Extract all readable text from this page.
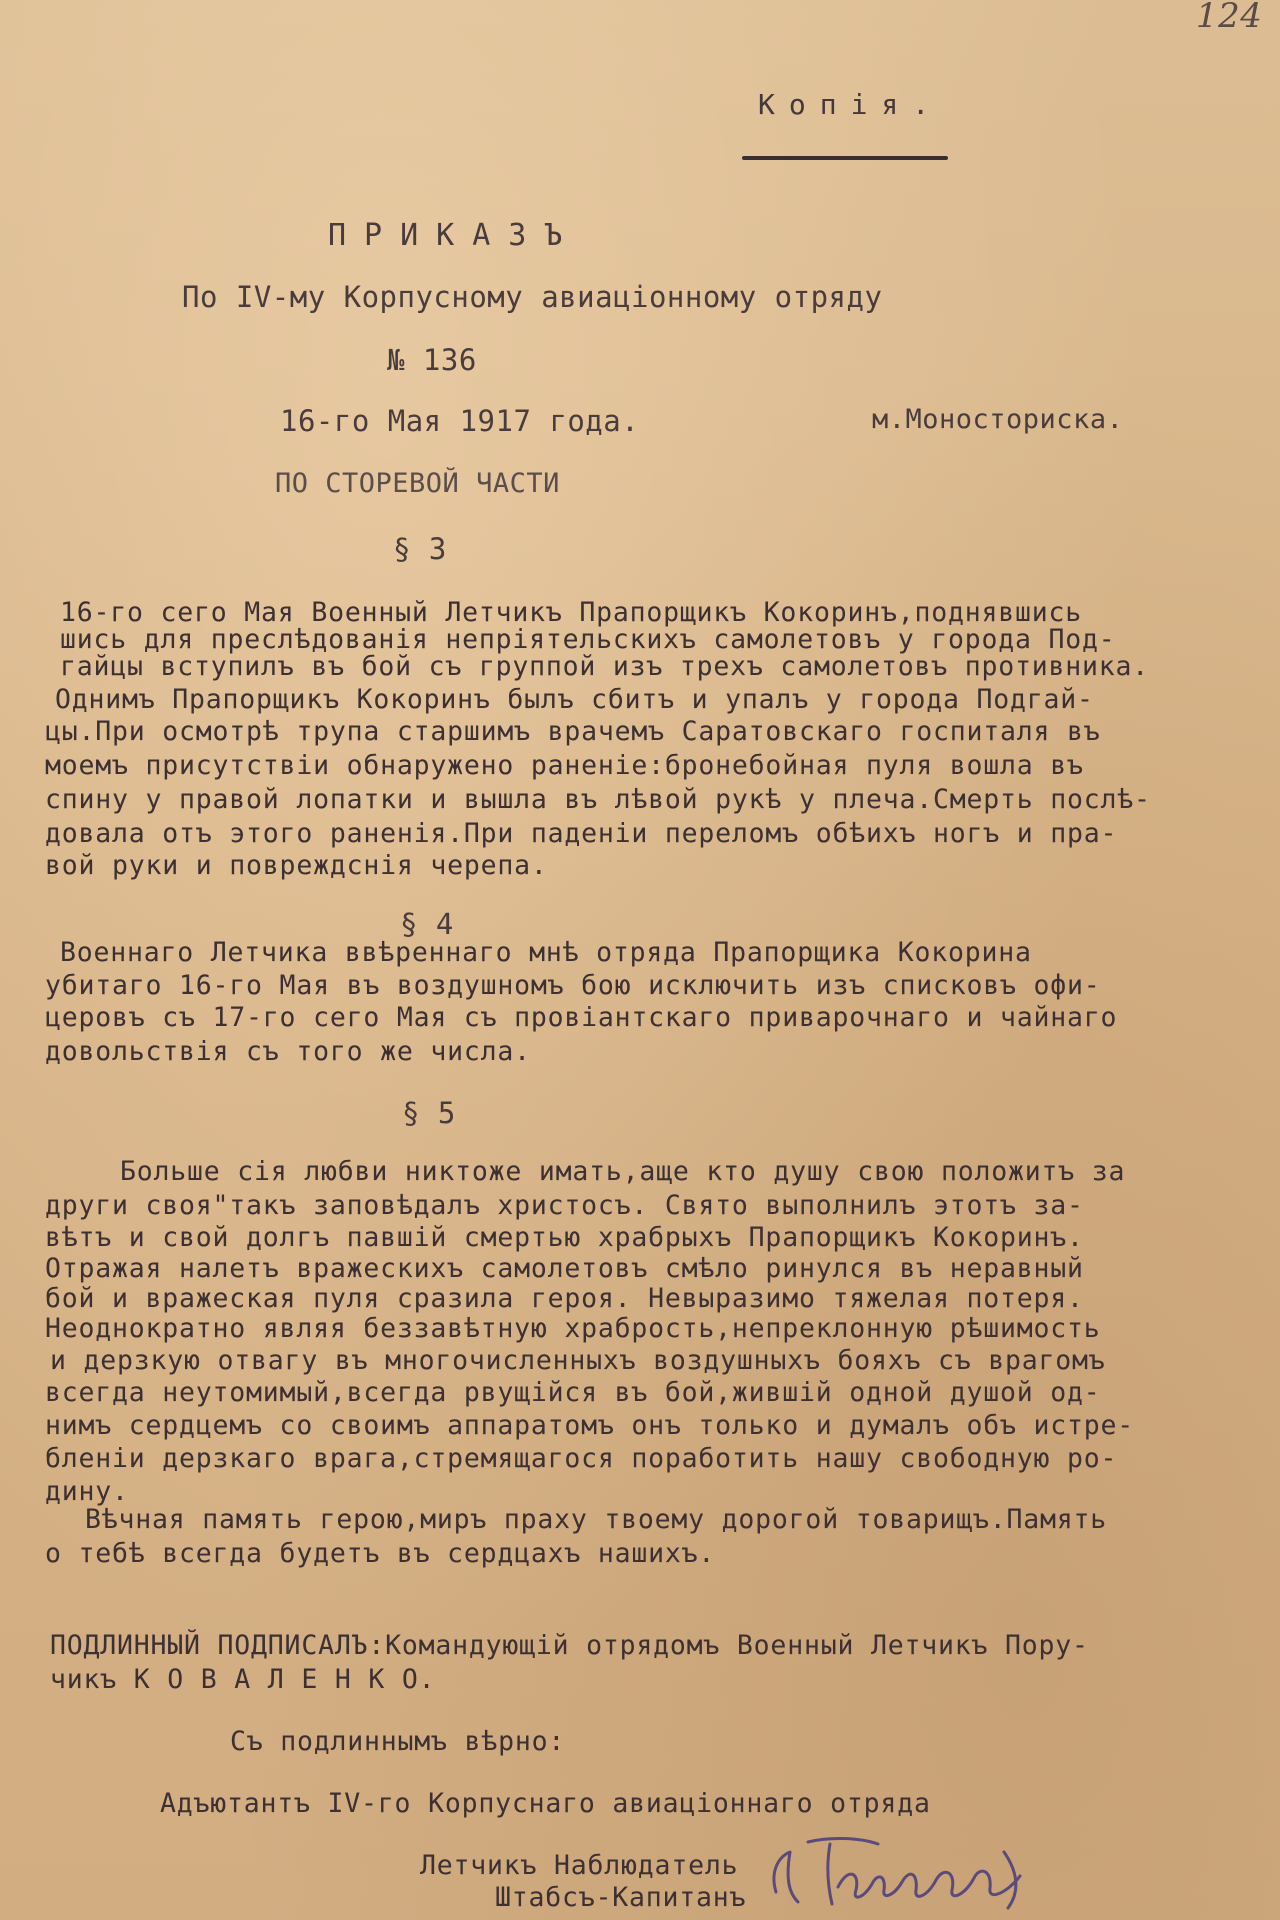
124
Копія.
ПРИКАЗЪ
По IV-му Корпусному авиаціонному отряду
№ 136
16-го Мая 1917 года.	м.Моностоpиска.
ПО СТОРЕВОЙ ЧАСТИ
§ 3
16-го сего Мая Военный Летчикъ Прапорщикъ Кокоринъ,поднявшись
шись для преслѣдованія непріятельскихъ самолетовъ у города Под-
гайцы вступилъ въ бой съ группой изъ трехъ самолетовъ противника.
Однимъ Прапорщикъ Кокоринъ былъ сбитъ и упалъ у города Подгай-
цы.При осмотрѣ трупа старшимъ врачемъ Саратовскаго госпиталя въ
моемъ присутствіи обнаружено раненіе:бронебойная пуля вошла въ
спину у правой лопатки и вышла въ лѣвой рукѣ у плеча.Смерть послѣ-
довала отъ этого раненія.При паденіи переломъ обѣихъ ногъ и пра-
вой руки и повреждснія черепа.
§ 4
Военнаго Летчика ввѣреннаго мнѣ отряда Прапорщика Кокорина
убитаго 16-го Мая въ воздушномъ бою исключить изъ списковъ офи-
церовъ съ 17-го сего Мая съ провіантскаго приварочнаго и чайнаго
довольствія съ того же числа.
§ 5
Больше сія любви никтоже имать,аще кто душу свою положитъ за
други своя"такъ заповѣдалъ христосъ. Свято выполнилъ этотъ за-
вѣтъ и свой долгъ павшій смертью храбрыхъ Прапорщикъ Кокоринъ.
Отражая налетъ вражескихъ самолетовъ смѣло ринулся въ неравный
бой и вражеская пуля сразила героя. Невыразимо тяжелая потеря.
Неоднократно являя беззавѣтную храбрость,непреклонную рѣшимость
и дерзкую отвагу въ многочисленныхъ воздушныхъ бояхъ съ врагомъ
всегда неутомимый,всегда рвущійся въ бой,жившій одной душой од-
нимъ сердцемъ со своимъ аппаратомъ онъ только и думалъ объ истре-
бленіи дерзкаго врага,стремящагося поработить нашу свободную ро-
дину.
Вѣчная память герою,миръ праху твоему дорогой товарищъ.Память
о тебѣ всегда будетъ въ сердцахъ нашихъ.
ПОДЛИННЫЙ ПОДПИСАЛЪ:Командующій отрядомъ Военный Летчикъ Пору-
чикъ К О В А Л Е Н К О.
Съ подлиннымъ вѣрно:
Адъютантъ IV-го Корпуснаго авиаціоннаго отряда
Летчикъ Наблюдатель
Штабсъ-Капитанъ
